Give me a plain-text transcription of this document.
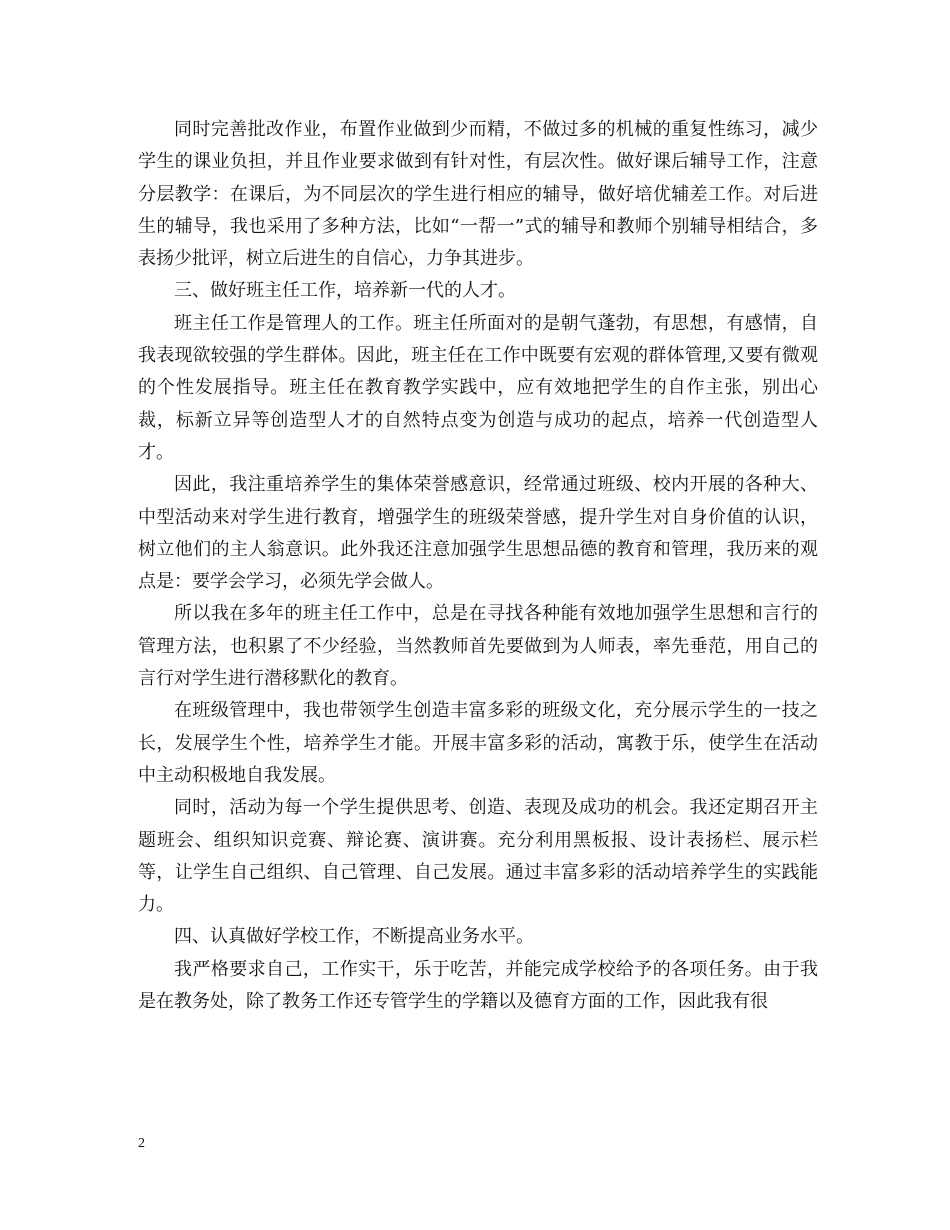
同时完善批改作业，布置作业做到少而精，不做过多的机械的重复性练习，减少学生的课业负担，并且作业要求做到有针对性，有层次性。做好课后辅导工作，注意分层教学：在课后，为不同层次的学生进行相应的辅导，做好培优辅差工作。对后进生的辅导，我也采用了多种方法，比如“一帮一”式的辅导和教师个别辅导相结合，多表扬少批评，树立后进生的自信心，力争其进步。

三、做好班主任工作，培养新一代的人才。

班主任工作是管理人的工作。班主任所面对的是朝气蓬勃，有思想，有感情，自我表现欲较强的学生群体。因此，班主任在工作中既要有宏观的群体管理,又要有微观的个性发展指导。班主任在教育教学实践中，应有效地把学生的自作主张，别出心裁，标新立异等创造型人才的自然特点变为创造与成功的起点，培养一代创造型人才。

因此，我注重培养学生的集体荣誉感意识，经常通过班级、校内开展的各种大、中型活动来对学生进行教育，增强学生的班级荣誉感，提升学生对自身价值的认识，树立他们的主人翁意识。此外我还注意加强学生思想品德的教育和管理，我历来的观点是：要学会学习，必须先学会做人。

所以我在多年的班主任工作中，总是在寻找各种能有效地加强学生思想和言行的管理方法，也积累了不少经验，当然教师首先要做到为人师表，率先垂范，用自己的言行对学生进行潜移默化的教育。

在班级管理中，我也带领学生创造丰富多彩的班级文化，充分展示学生的一技之长，发展学生个性，培养学生才能。开展丰富多彩的活动，寓教于乐，使学生在活动中主动积极地自我发展。

同时，活动为每一个学生提供思考、创造、表现及成功的机会。我还定期召开主题班会、组织知识竞赛、辩论赛、演讲赛。充分利用黑板报、设计表扬栏、展示栏等，让学生自己组织、自己管理、自己发展。通过丰富多彩的活动培养学生的实践能力。

四、认真做好学校工作，不断提高业务水平。

我严格要求自己，工作实干，乐于吃苦，并能完成学校给予的各项任务。由于我是在教务处，除了教务工作还专管学生的学籍以及德育方面的工作，因此我有很

2
